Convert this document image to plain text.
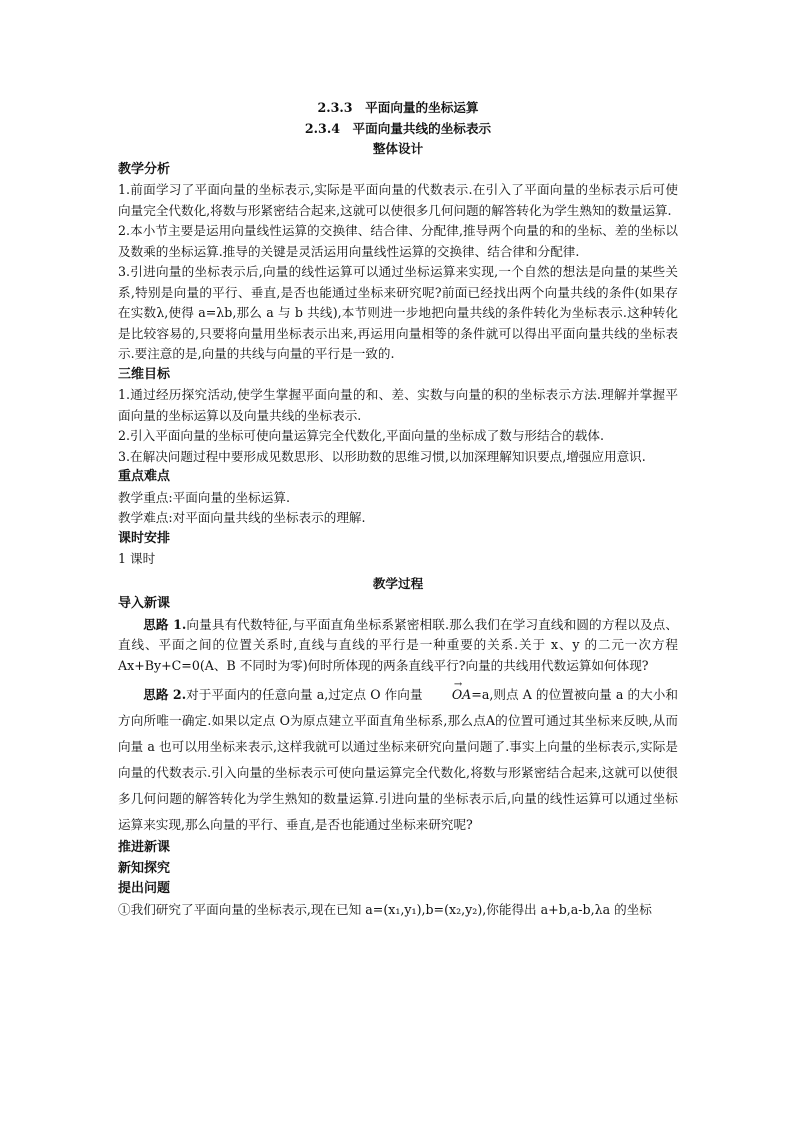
2.3.3　平面向量的坐标运算
2.3.4　平面向量共线的坐标表示
整体设计
教学分析

1.前面学习了平面向量的坐标表示,实际是平面向量的代数表示.在引入了平面向量的坐标表示后可使向量完全代数化,将数与形紧密结合起来,这就可以使很多几何问题的解答转化为学生熟知的数量运算.

2.本小节主要是运用向量线性运算的交换律、结合律、分配律,推导两个向量的和的坐标、差的坐标以及数乘的坐标运算.推导的关键是灵活运用向量线性运算的交换律、结合律和分配律.

3.引进向量的坐标表示后,向量的线性运算可以通过坐标运算来实现,一个自然的想法是向量的某些关系,特别是向量的平行、垂直,是否也能通过坐标来研究呢?前面已经找出两个向量共线的条件(如果存在实数λ,使得 a=λb,那么 a 与 b 共线),本节则进一步地把向量共线的条件转化为坐标表示.这种转化是比较容易的,只要将向量用坐标表示出来,再运用向量相等的条件就可以得出平面向量共线的坐标表示.要注意的是,向量的共线与向量的平行是一致的.

三维目标

1.通过经历探究活动,使学生掌握平面向量的和、差、实数与向量的积的坐标表示方法.理解并掌握平面向量的坐标运算以及向量共线的坐标表示.

2.引入平面向量的坐标可使向量运算完全代数化,平面向量的坐标成了数与形结合的载体.

3.在解决问题过程中要形成见数思形、以形助数的思维习惯,以加深理解知识要点,增强应用意识.

重点难点

教学重点:平面向量的坐标运算.

教学难点:对平面向量共线的坐标表示的理解.

课时安排

1 课时

教学过程
导入新课

思路 1.向量具有代数特征,与平面直角坐标系紧密相联.那么我们在学习直线和圆的方程以及点、直线、平面之间的位置关系时,直线与直线的平行是一种重要的关系.关于 x、y 的二元一次方程 Ax+By+C=0(A、B 不同时为零)何时所体现的两条直线平行?向量的共线用代数运算如何体现?

思路 2.对于平面内的任意向量 a,过定点 O 作向量 → OA=a,则点 A 的位置被向量 a 的大小和方向所唯一确定.如果以定点 O为原点建立平面直角坐标系,那么点A的位置可通过其坐标来反映,从而向量 a 也可以用坐标来表示,这样我就可以通过坐标来研究向量问题了.事实上向量的坐标表示,实际是向量的代数表示.引入向量的坐标表示可使向量运算完全代数化,将数与形紧密结合起来,这就可以使很多几何问题的解答转化为学生熟知的数量运算.引进向量的坐标表示后,向量的线性运算可以通过坐标运算来实现,那么向量的平行、垂直,是否也能通过坐标来研究呢?

推进新课
新知探究
提出问题

①我们研究了平面向量的坐标表示,现在已知 a=(x₁,y₁),b=(x₂,y₂),你能得出 a+b,a-b,λa 的坐标
